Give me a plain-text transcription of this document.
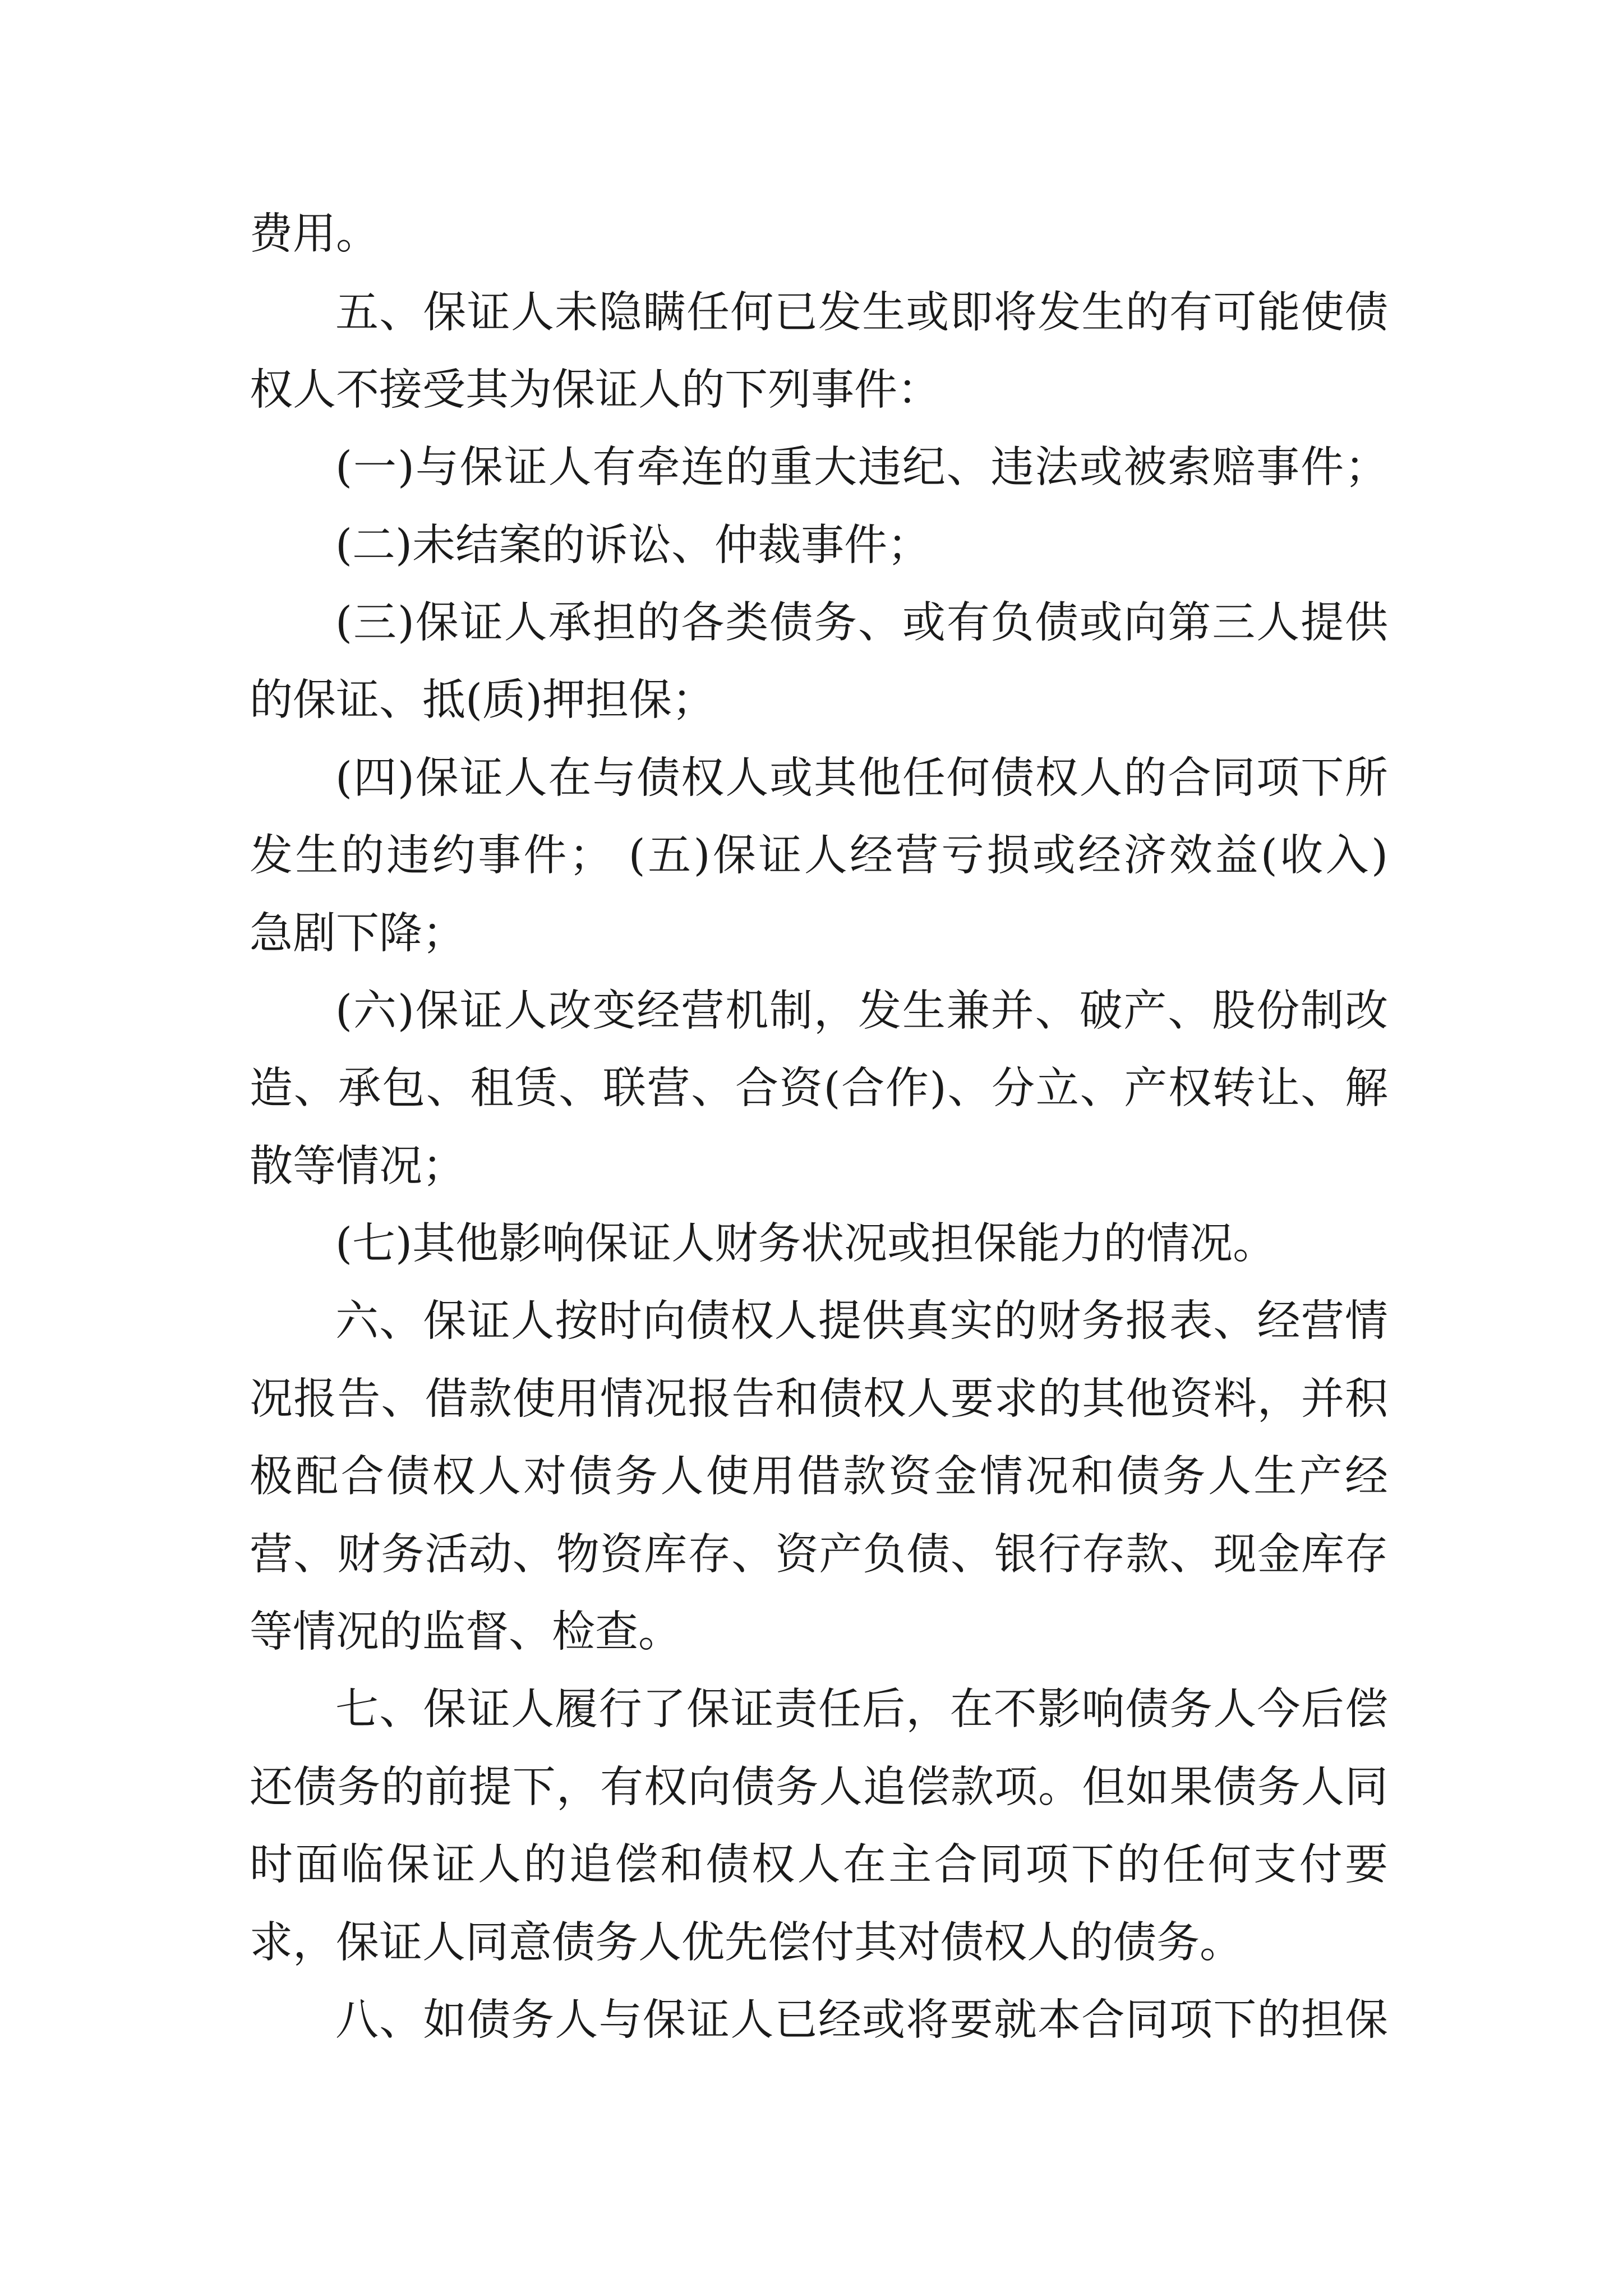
费用。
五、保证人未隐瞒任何已发生或即将发生的有可能使债
权人不接受其为保证人的下列事件：
(一)与保证人有牵连的重大违纪、违法或被索赔事件；
(二)未结案的诉讼、仲裁事件；
(三)保证人承担的各类债务、或有负债或向第三人提供
的保证、抵(质)押担保；
(四)保证人在与债权人或其他任何债权人的合同项下所
发生的违约事件； (五)保证人经营亏损或经济效益(收入)
急剧下降；
(六)保证人改变经营机制，发生兼并、破产、股份制改
造、承包、租赁、联营、合资(合作)、分立、产权转让、解
散等情况；
(七)其他影响保证人财务状况或担保能力的情况。
六、保证人按时向债权人提供真实的财务报表、经营情
况报告、借款使用情况报告和债权人要求的其他资料，并积
极配合债权人对债务人使用借款资金情况和债务人生产经
营、财务活动、物资库存、资产负债、银行存款、现金库存
等情况的监督、检查。
七、保证人履行了保证责任后，在不影响债务人今后偿
还债务的前提下，有权向债务人追偿款项。但如果债务人同
时面临保证人的追偿和债权人在主合同项下的任何支付要
求，保证人同意债务人优先偿付其对债权人的债务。
八、如债务人与保证人已经或将要就本合同项下的担保
